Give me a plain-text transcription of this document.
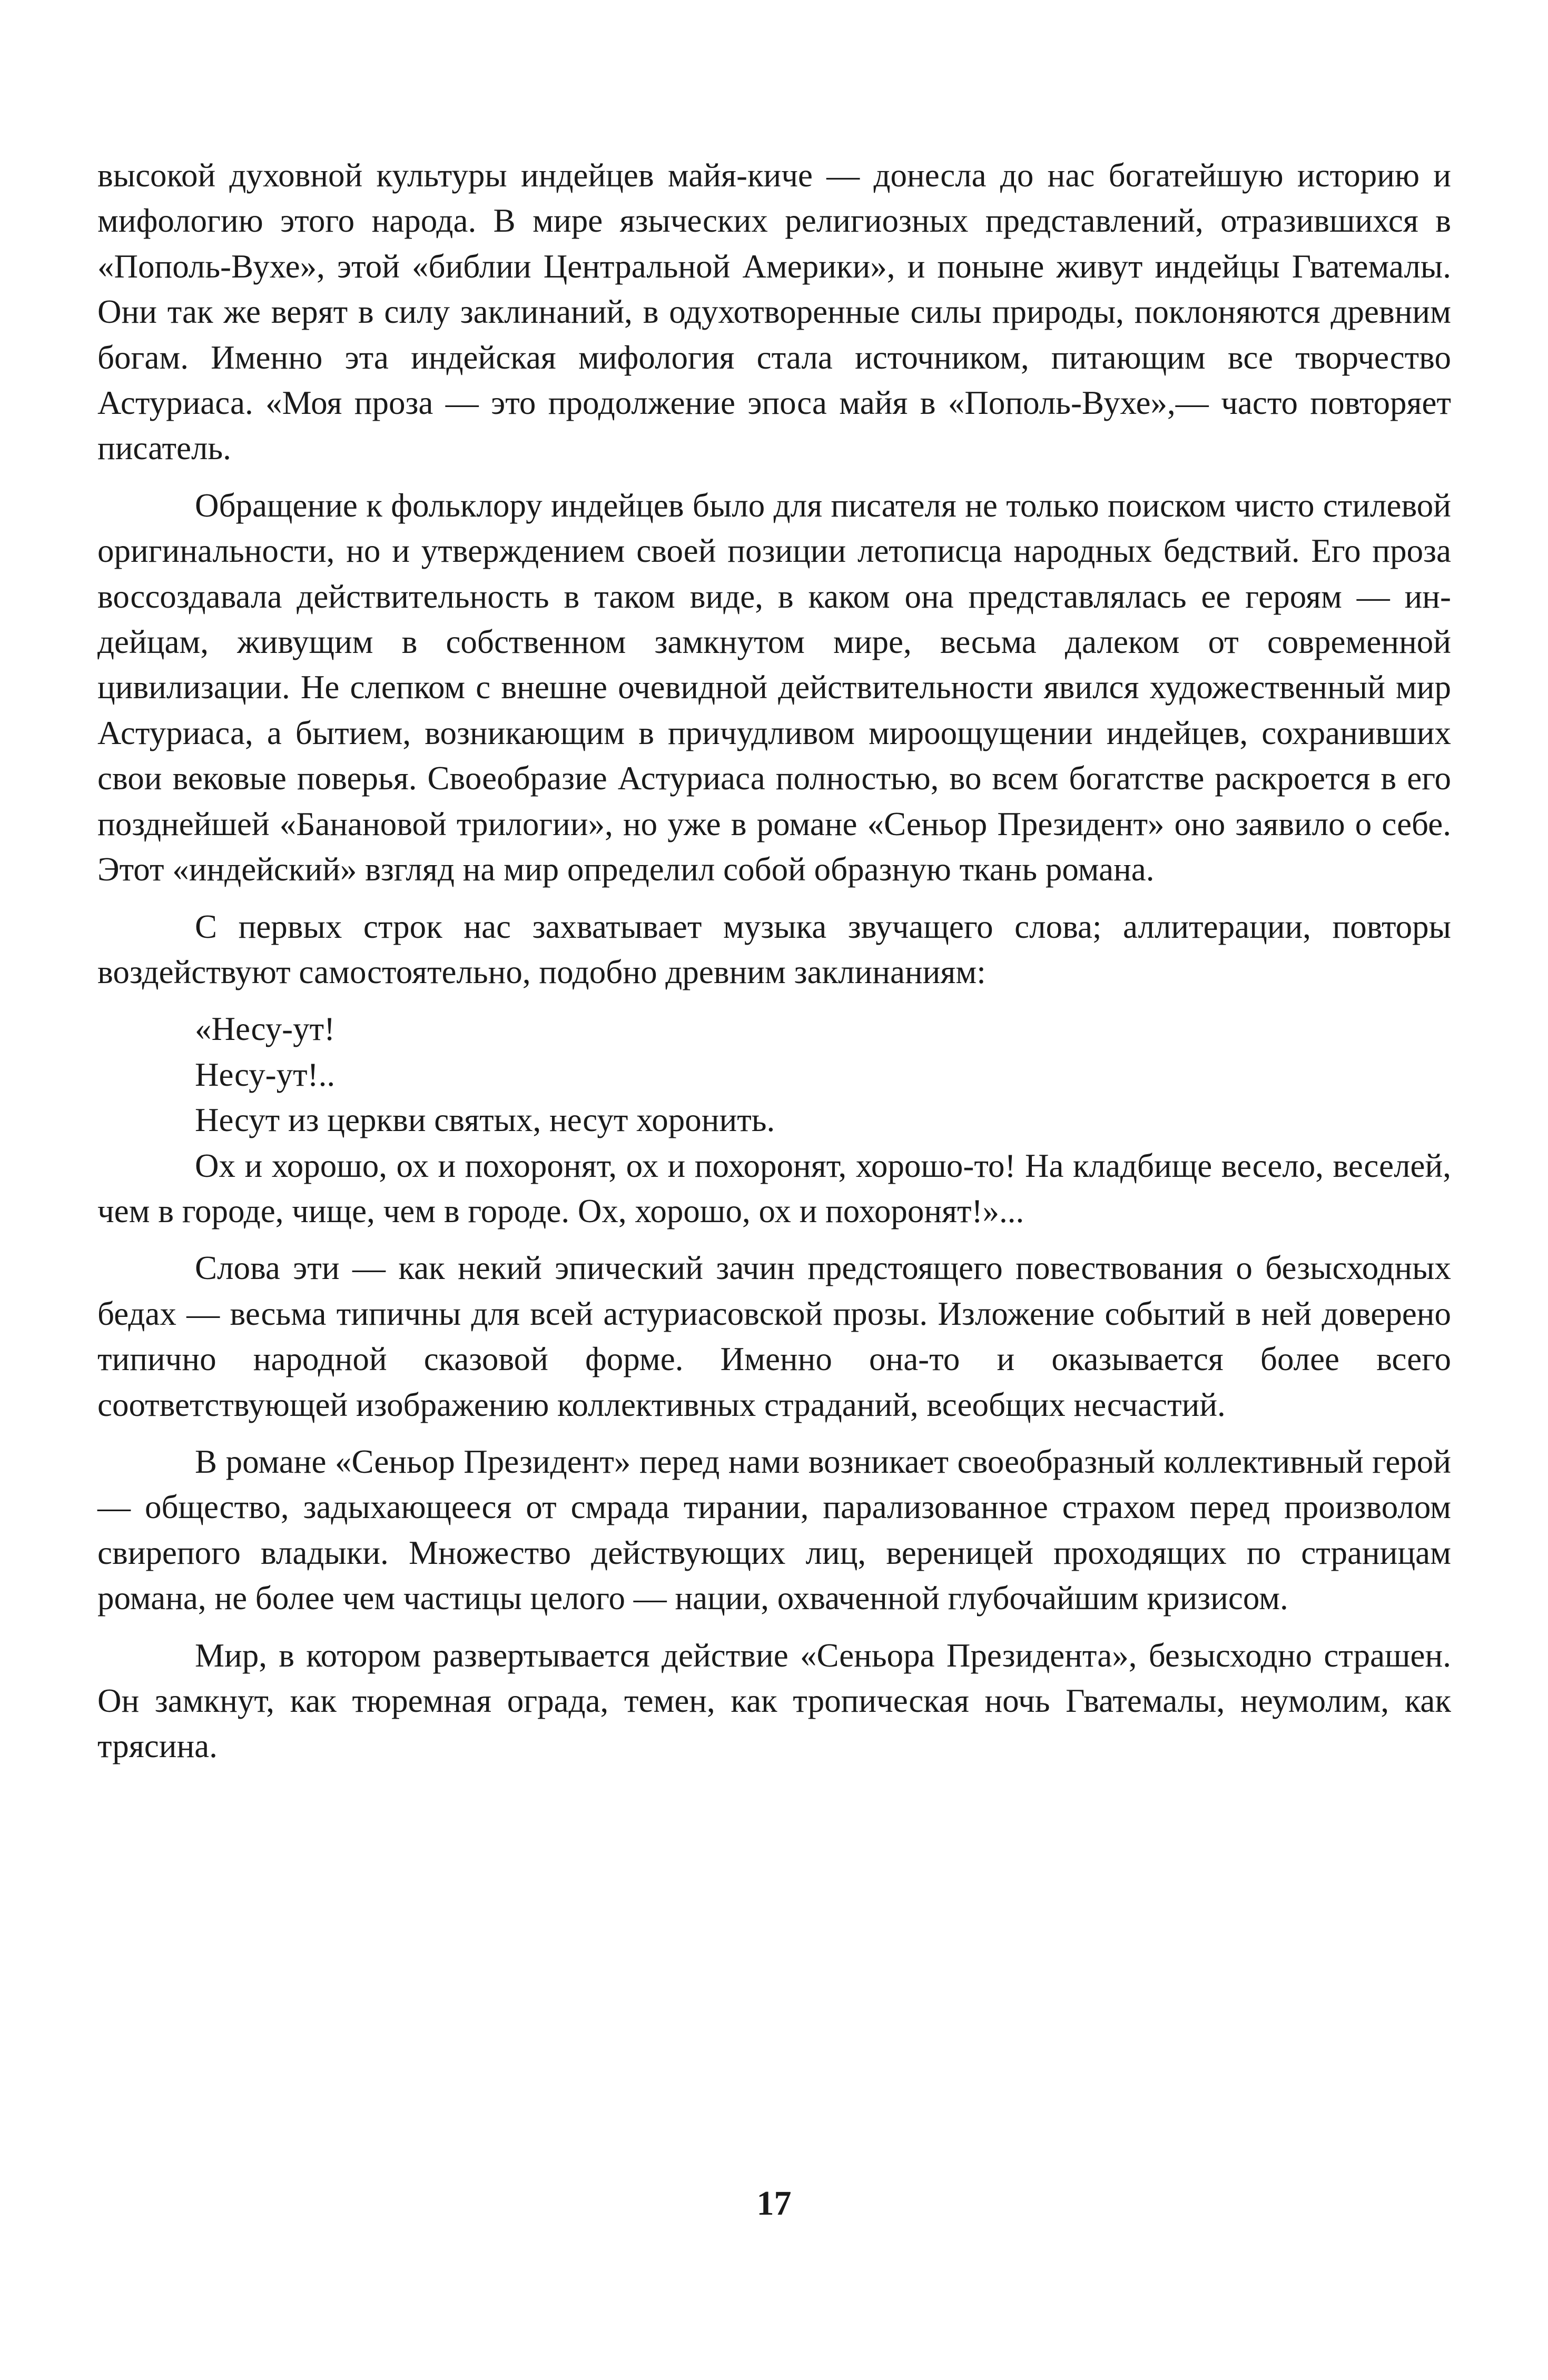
высокой духовной культуры индейцев майя-киче — донесла до нас богатейшую историю и мифологию этого народа. В мире языческих религиозных представлений, отразившихся в «Пополь-Вухе», этой «библии Центральной Америки», и поныне живут индейцы Гватемалы. Они так же верят в силу заклинаний, в одухотворенные силы природы, поклоняются древним богам. Именно эта индейская мифология стала источником, питающим все творчество Астуриаса. «Моя проза — это продолжение эпоса майя в «Пополь-Вухе»,— часто повторяет писатель.

Обращение к фольклору индейцев было для писателя не только поиском чисто стилевой оригинальности, но и утверждением своей позиции летописца народных бедствий. Его проза воссоздавала действительность в таком виде, в каком она представлялась ее героям — индейцам, живущим в собственном замкнутом мире, весьма далеком от современной цивилизации. Не слепком с внешне очевидной действительности явился художественный мир Астуриаса, а бытием, возникающим в причудливом мироощущении индейцев, сохранивших свои вековые поверья. Своеобразие Астуриаса полностью, во всем богатстве раскроется в его позднейшей «Банановой трилогии», но уже в романе «Сеньор Президент» оно заявило о себе. Этот «индейский» взгляд на мир определил собой образную ткань романа.

С первых строк нас захватывает музыка звучащего слова; аллитерации, повторы воздействуют самостоятельно, подобно древним заклинаниям:

«Несу-ут!

Несу-ут!..

Несут из церкви святых, несут хоронить.

Ох и хорошо, ох и похоронят, ох и похоронят, хорошо-то! На кладбище весело, веселей, чем в городе, чище, чем в городе. Ох, хорошо, ох и похоронят!»...

Слова эти — как некий эпический зачин предстоящего повествования о безысходных бедах — весьма типичны для всей астуриасовской прозы. Изложение событий в ней доверено типично народной сказовой форме. Именно она-то и оказывается более всего соответствующей изображению коллективных страданий, всеобщих несчастий.

В романе «Сеньор Президент» перед нами возникает своеобразный коллективный герой — общество, задыхающееся от смрада тирании, парализованное страхом перед произволом свирепого владыки. Множество действующих лиц, вереницей проходящих по страницам романа, не более чем частицы целого — нации, охваченной глубочайшим кризисом.

Мир, в котором развертывается действие «Сеньора Президента», безысходно страшен. Он замкнут, как тюремная ограда, темен, как тропическая ночь Гватемалы, неумолим, как трясина.

17
